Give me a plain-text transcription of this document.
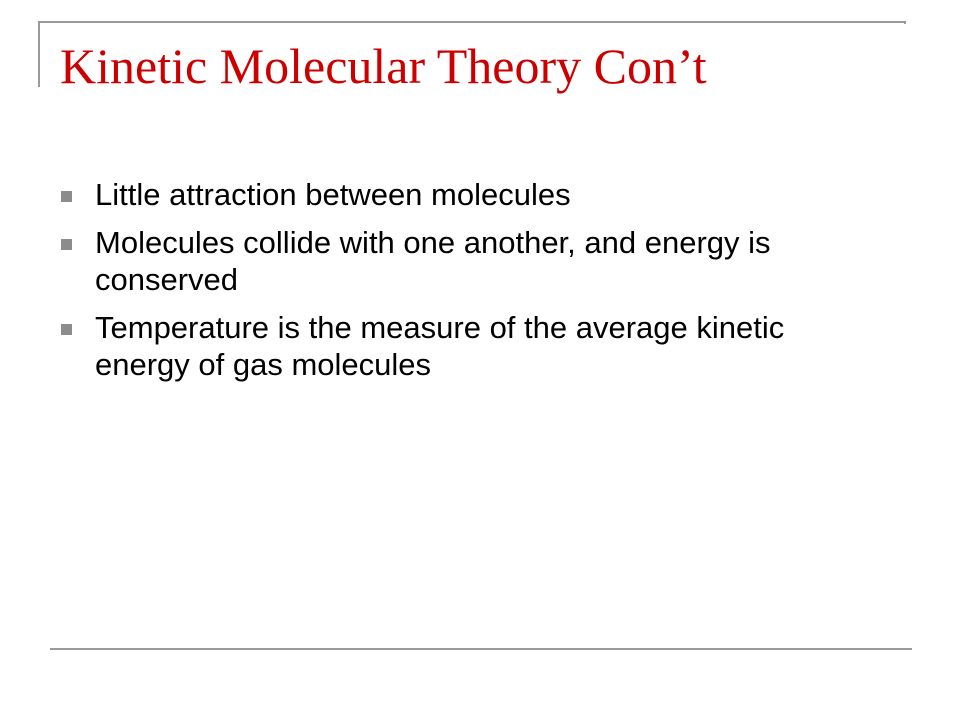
Kinetic Molecular Theory Con’t
Little attraction between molecules
Molecules collide with one another, and energy is conserved
Temperature is the measure of the average kinetic energy of gas molecules
